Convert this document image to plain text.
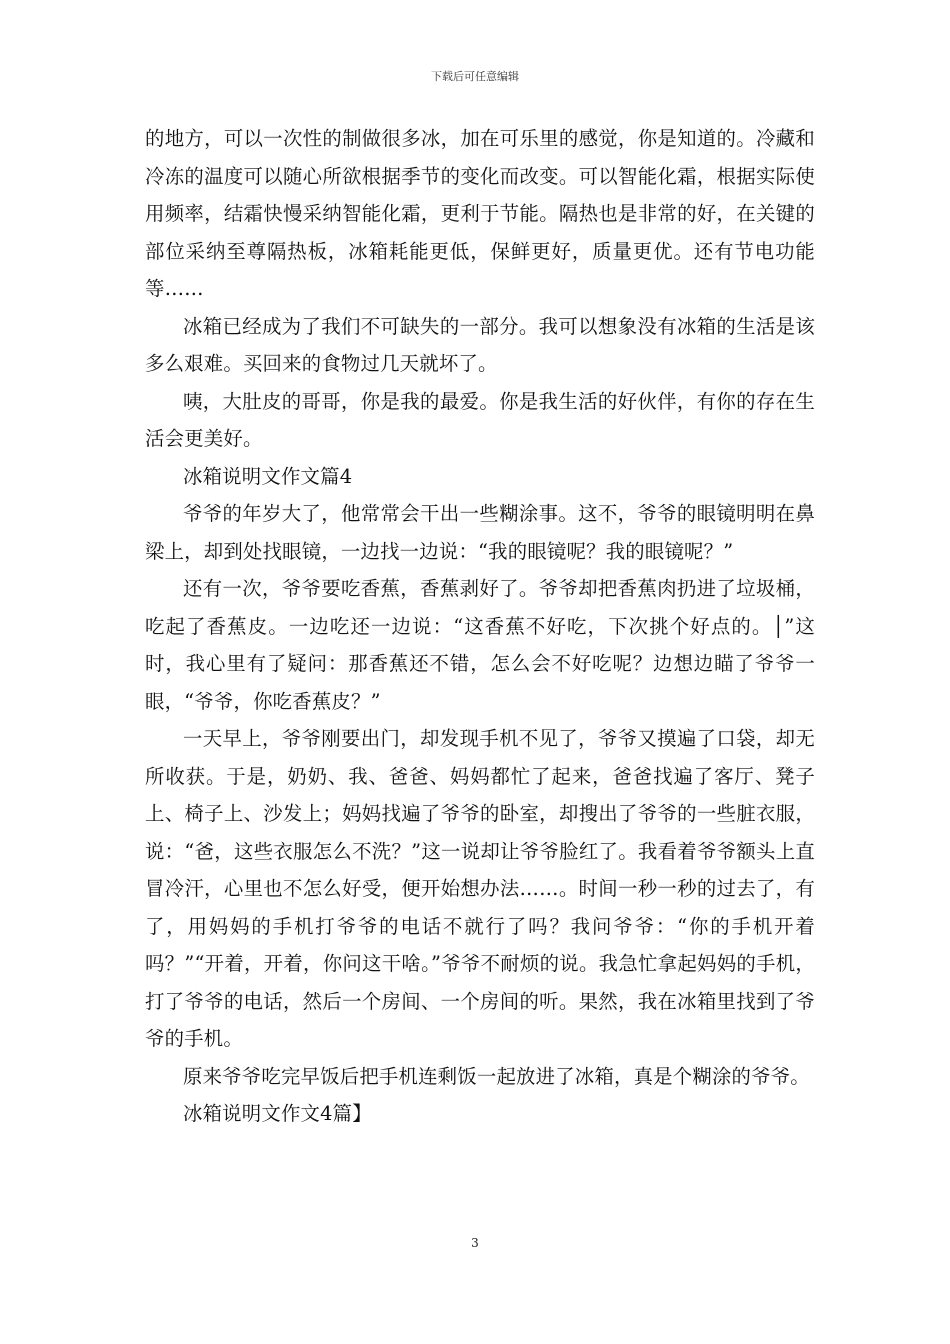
下载后可任意编辑

的地方，可以一次性的制做很多冰，加在可乐里的感觉，你是知道的。冷藏和冷冻的温度可以随心所欲根据季节的变化而改变。可以智能化霜，根据实际使用频率，结霜快慢采纳智能化霜，更利于节能。隔热也是非常的好，在关键的部位采纳至尊隔热板，冰箱耗能更低，保鲜更好，质量更优。还有节电功能等……

冰箱已经成为了我们不可缺失的一部分。我可以想象没有冰箱的生活是该多么艰难。买回来的食物过几天就坏了。

咦，大肚皮的哥哥，你是我的最爱。你是我生活的好伙伴，有你的存在生活会更美好。

冰箱说明文作文篇4

爷爷的年岁大了，他常常会干出一些糊涂事。这不，爷爷的眼镜明明在鼻梁上，却到处找眼镜，一边找一边说：“我的眼镜呢？我的眼镜呢？”

还有一次，爷爷要吃香蕉，香蕉剥好了。爷爷却把香蕉肉扔进了垃圾桶，吃起了香蕉皮。一边吃还一边说：“这香蕉不好吃，下次挑个好点的。│”这时，我心里有了疑问：那香蕉还不错，怎么会不好吃呢？边想边瞄了爷爷一眼，“爷爷，你吃香蕉皮？”

一天早上，爷爷刚要出门，却发现手机不见了，爷爷又摸遍了口袋，却无所收获。于是，奶奶、我、爸爸、妈妈都忙了起来，爸爸找遍了客厅、凳子上、椅子上、沙发上；妈妈找遍了爷爷的卧室，却搜出了爷爷的一些脏衣服，说：“爸，这些衣服怎么不洗？”这一说却让爷爷脸红了。我看着爷爷额头上直冒冷汗，心里也不怎么好受，便开始想办法……。时间一秒一秒的过去了，有了，用妈妈的手机打爷爷的电话不就行了吗？我问爷爷：“你的手机开着吗？”“开着，开着，你问这干啥。”爷爷不耐烦的说。我急忙拿起妈妈的手机，打了爷爷的电话，然后一个房间、一个房间的听。果然，我在冰箱里找到了爷爷的手机。

原来爷爷吃完早饭后把手机连剩饭一起放进了冰箱，真是个糊涂的爷爷。

冰箱说明文作文4篇】

3
